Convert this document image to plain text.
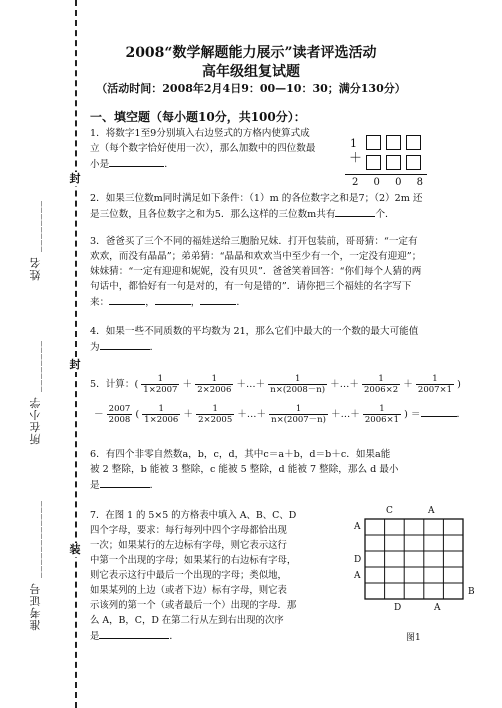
姓名 ________
所在小学 ________
准考证号 ____________
封
封
装
2008“数学解题能力展示”读者评选活动
高年级组复试题
（活动时间：2008年2月4日9：00—10：30；满分130分）
一、填空题（每小题10分，共100分）：
1．将数字1至9分别填入右边竖式的方格内使算式成
立（每个数字恰好使用一次），那么加数中的四位数最
小是	．
1
＋
2 0 0 8
2．如果三位数m同时满足如下条件：（1）m 的各位数字之和是7；（2）2m 还
是三位数，且各位数字之和为5．那么这样的三位数m共有	个．
3．爸爸买了三个不同的福娃送给三胞胎兄妹．打开包装前，哥哥猜：“一定有
欢欢，而没有晶晶”；弟弟猜：“晶晶和欢欢当中至少有一个，一定没有迎迎”；
妹妹猜：“一定有迎迎和妮妮，没有贝贝”．爸爸笑着回答：“你们每个人猜的两
句话中，都恰好有一句是对的，有一句是错的”．请你把三个福娃的名字写下
来：	，	，	．
4．如果一些不同质数的平均数为 21，那么它们中最大的一个数的最大可能值
为	．
5．计算：( $\frac{1}{1\times 2007} + \frac{1}{2\times 2006}$ ＋…＋ $\frac{1}{n\times(2008-n)}$ ＋…＋ $\frac{1}{2006\times 2} + \frac{1}{2007\times 1}$ )
－ $\frac{2007}{2008}$ ( $\frac{1}{1\times 2006} + \frac{1}{2\times 2005}$ ＋…＋ $\frac{1}{n\times(2007-n)}$ ＋…＋ $\frac{1}{2006\times 1}$ ) ＝	．
6．有四个非零自然数a，b，c，d，其中c＝a＋b，d＝b＋c．如果a能
被 2 整除，b 能被 3 整除，c 能被 5 整除，d 能被 7 整除，那么 d 最小
是	．
7．在图 1 的 5×5 的方格表中填入 A、B、C、D
四个字母，要求：每行每列中四个字母都恰出现
一次；如果某行的左边标有字母，则它表示这行
中第一个出现的字母；如果某行的右边标有字母，
则它表示这行中最后一个出现的字母；类似地，
如果某列的上边（或者下边）标有字母，则它表
示该列的第一个（或者最后一个）出现的字母．那
么 A，B，C，D 在第二行从左到右出现的次序
是	．
C	A
A
D
A
B
D	A
图1
